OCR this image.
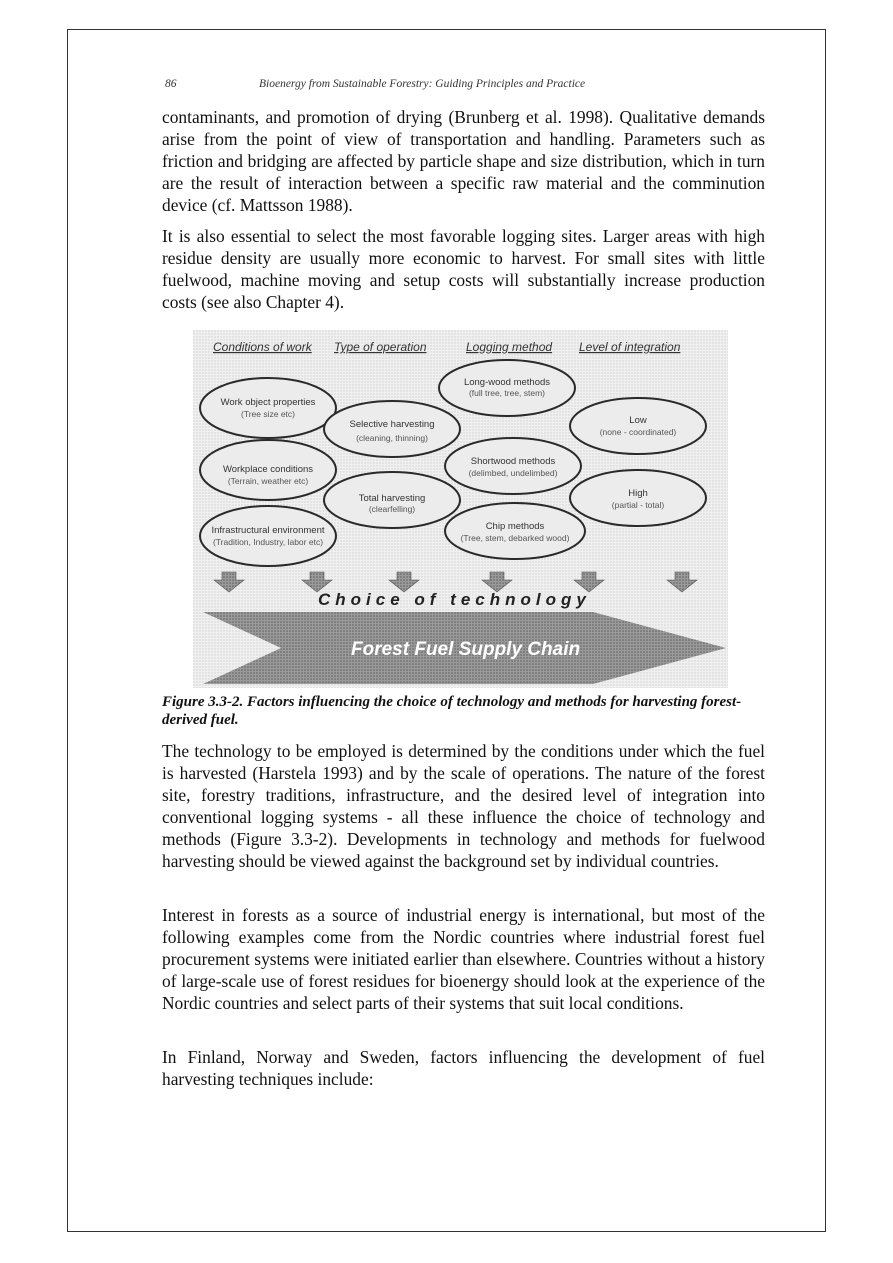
86	Bioenergy from Sustainable Forestry: Guiding Principles and Practice

contaminants, and promotion of drying (Brunberg et al. 1998). Qualitative demands arise from the point of view of transportation and handling. Parameters such as friction and bridging are affected by particle shape and size distribution, which in turn are the result of interaction between a specific raw material and the comminution device (cf. Mattsson 1988).

It is also essential to select the most favorable logging sites. Larger areas with high residue density are usually more economic to harvest. For small sites with little fuelwood, machine moving and setup costs will substantially increase production costs (see also Chapter 4).

Conditions of work Type of operation	Logging method Level of integration
Work object properties
(Tree size etc)
Workplace conditions
(Terrain, weather etc)
Infrastructural environment
(Tradition, Industry, labor etc)
Selective harvesting
(cleaning, thinning)
Total harvesting
(clearfelling)
Long-wood methods
(full tree, tree, stem)
Shortwood methods
(delimbed, undelimbed)
Chip methods
(Tree, stem, debarked wood)
Low
(none - coordinated)
High
(partial - total)
Choice of technology
Forest Fuel Supply Chain

Figure 3.3-2. Factors influencing the choice of technology and methods for harvesting forest-derived fuel.

The technology to be employed is determined by the conditions under which the fuel is harvested (Harstela 1993) and by the scale of operations. The nature of the forest site, forestry traditions, infrastructure, and the desired level of integration into conventional logging systems - all these influence the choice of technology and methods (Figure 3.3-2). Developments in technology and methods for fuelwood harvesting should be viewed against the background set by individual countries.

Interest in forests as a source of industrial energy is international, but most of the following examples come from the Nordic countries where industrial forest fuel procurement systems were initiated earlier than elsewhere. Countries without a history of large-scale use of forest residues for bioenergy should look at the experience of the Nordic countries and select parts of their systems that suit local conditions.

In Finland, Norway and Sweden, factors influencing the development of fuel harvesting techniques include:
